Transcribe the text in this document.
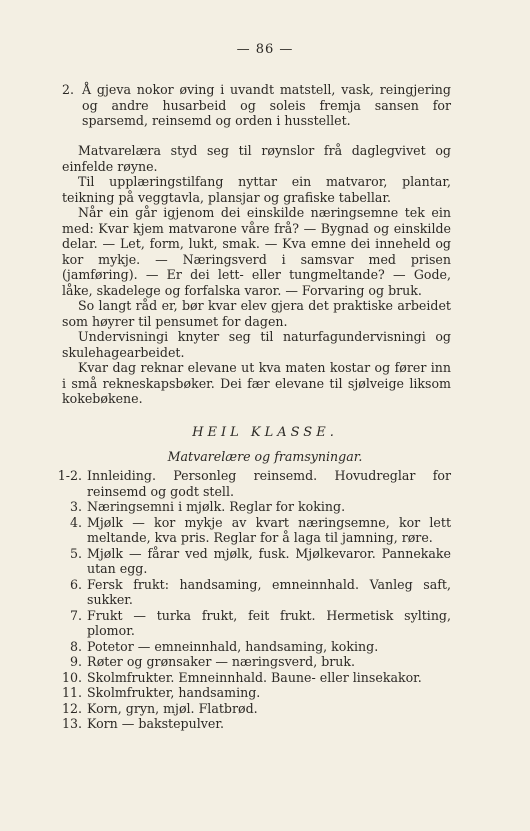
— 86 —
2. Å gjeva nokor øving i uvandt matstell, vask, reingjering og andre husarbeid og soleis fremja sansen for sparsemd, reinsemd og orden i husstellet.

Matvarelæra styd seg til røynslor frå daglegvivet og einfelde røyne.

Til upplæringstilfang nyttar ein matvaror, plantar, teikning på veggtavla, plansjar og grafiske tabellar.

Når ein går igjenom dei einskilde næringsemne tek ein med: Kvar kjem matvarone våre frå? — Bygnad og einskilde delar. — Let, form, lukt, smak. — Kva emne dei inneheld og kor mykje. — Næringsverd i samsvar med prisen (jamføring). — Er dei lett- eller tungmeltande? — Gode, låke, skadelege og forfalska varor. — Forvaring og bruk.

So langt råd er, bør kvar elev gjera det praktiske arbeidet som høyrer til pensumet for dagen.

Undervisningi knyter seg til naturfagundervisningi og skulehagearbeidet.

Kvar dag reknar elevane ut kva maten kostar og fører inn i små rekneskapsbøker. Dei fær elevane til sjølveige liksom kokebøkene.

HEIL KLASSE.
Matvarelære og framsyningar.
1-2. Innleiding. Personleg reinsemd. Hovudreglar for reinsemd og godt stell.
3. Næringsemni i mjølk. Reglar for koking.
4. Mjølk — kor mykje av kvart næringsemne, kor lett meltande, kva pris. Reglar for å laga til jamning, røre.
5. Mjølk — fårar ved mjølk, fusk. Mjølkevaror. Pannekake utan egg.
6. Fersk frukt: handsaming, emneinnhald. Vanleg saft, sukker.
7. Frukt — turka frukt, feit frukt. Hermetisk sylting, plomor.
8. Potetor — emneinnhald, handsaming, koking.
9. Røter og grønsaker — næringsverd, bruk.
10. Skolmfrukter. Emneinnhald. Baune- eller linsekakor.
11. Skolmfrukter, handsaming.
12. Korn, gryn, mjøl. Flatbrød.
13. Korn — bakstepulver.
